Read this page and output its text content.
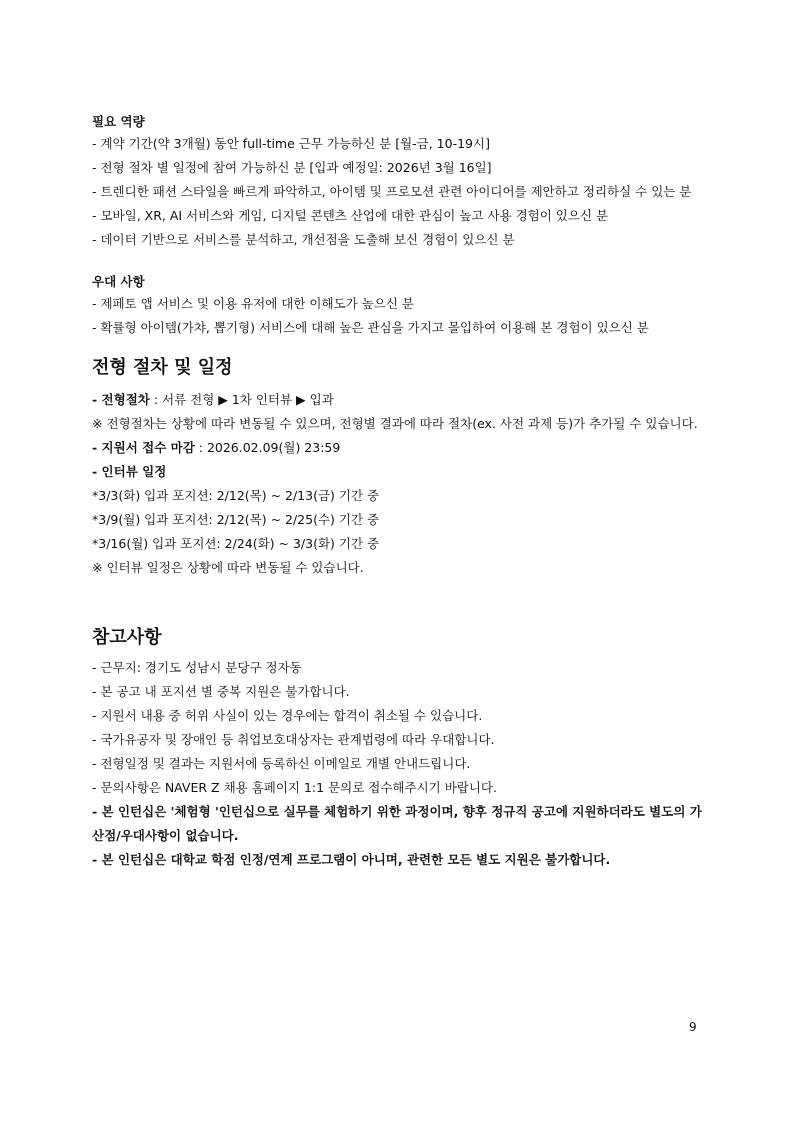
필요 역량

- 계약 기간(약 3개월) 동안 full-time 근무 가능하신 분 [월-금, 10-19시]

- 전형 절차 별 일정에 참여 가능하신 분 [입과 예정일: 2026년 3월 16일]

- 트렌디한 패션 스타일을 빠르게 파악하고, 아이템 및 프로모션 관련 아이디어를 제안하고 정리하실 수 있는 분

- 모바일, XR, AI 서비스와 게임, 디지털 콘텐츠 산업에 대한 관심이 높고 사용 경험이 있으신 분

- 데이터 기반으로 서비스를 분석하고, 개선점을 도출해 보신 경험이 있으신 분

우대 사항

- 제페토 앱 서비스 및 이용 유저에 대한 이해도가 높으신 분

- 확률형 아이템(가챠, 뽑기형) 서비스에 대해 높은 관심을 가지고 몰입하여 이용해 본 경험이 있으신 분

전형 절차 및 일정

- 전형절차 : 서류 전형 ▶ 1차 인터뷰 ▶ 입과

※ 전형절차는 상황에 따라 변동될 수 있으며, 전형별 결과에 따라 절차(ex. 사전 과제 등)가 추가될 수 있습니다.

- 지원서 접수 마감 : 2026.02.09(월) 23:59

- 인터뷰 일정

*3/3(화) 입과 포지션: 2/12(목) ~ 2/13(금) 기간 중

*3/9(월) 입과 포지션: 2/12(목) ~ 2/25(수) 기간 중

*3/16(월) 입과 포지션: 2/24(화) ~ 3/3(화) 기간 중

※ 인터뷰 일정은 상황에 따라 변동될 수 있습니다.

참고사항

- 근무지: 경기도 성남시 분당구 정자동

- 본 공고 내 포지션 별 중복 지원은 불가합니다.

- 지원서 내용 중 허위 사실이 있는 경우에는 합격이 취소될 수 있습니다.

- 국가유공자 및 장애인 등 취업보호대상자는 관계법령에 따라 우대합니다.

- 전형일정 및 결과는 지원서에 등록하신 이메일로 개별 안내드립니다.

- 문의사항은 NAVER Z 채용 홈페이지 1:1 문의로 접수해주시기 바랍니다.

- 본 인턴십은 '체험형 '인턴십으로 실무를 체험하기 위한 과정이며, 향후 정규직 공고에 지원하더라도 별도의 가산점/우대사항이 없습니다.

- 본 인턴십은 대학교 학점 인정/연계 프로그램이 아니며, 관련한 모든 별도 지원은 불가합니다.

9
